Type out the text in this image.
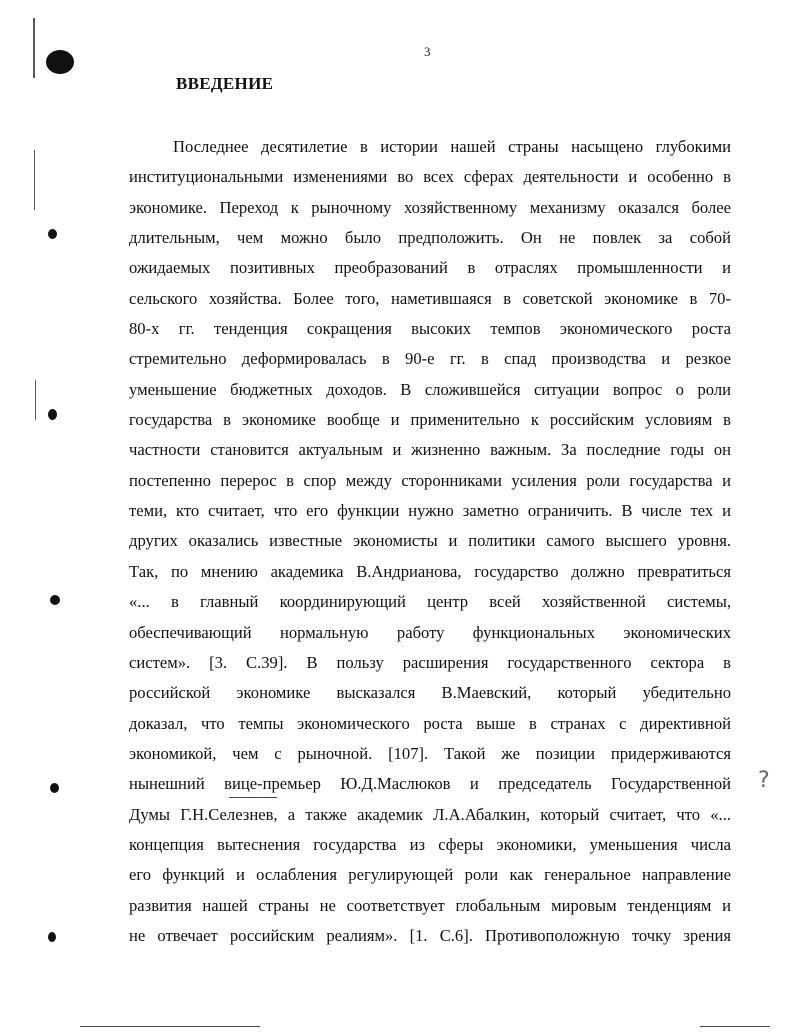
?
3
ВВЕДЕНИЕ
Последнее десятилетие в истории нашей страны насыщено глубокими
институциональными изменениями во всех сферах деятельности и особенно в
экономике. Переход к рыночному хозяйственному механизму оказался более
длительным, чем можно было предположить. Он не повлек за собой
ожидаемых позитивных преобразований в отраслях промышленности и
сельского хозяйства. Более того, наметившаяся в советской экономике в 70-
80-х гг. тенденция сокращения высоких темпов экономического роста
стремительно деформировалась в 90-е гг. в спад производства и резкое
уменьшение бюджетных доходов. В сложившейся ситуации вопрос о роли
государства в экономике вообще и применительно к российским условиям в
частности становится актуальным и жизненно важным. За последние годы он
постепенно перерос в спор между сторонниками усиления роли государства и
теми, кто считает, что его функции нужно заметно ограничить. В числе тех и
других оказались известные экономисты и политики самого высшего уровня.
Так, по мнению академика В.Андрианова, государство должно превратиться
«... в главный координирующий центр всей хозяйственной системы,
обеспечивающий нормальную работу функциональных экономических
систем». [3. С.39]. В пользу расширения государственного сектора в
российской экономике высказался В.Маевский, который убедительно
доказал, что темпы экономического роста выше в странах с директивной
экономикой, чем с рыночной. [107]. Такой же позиции придерживаются
нынешний вице-премьер Ю.Д.Маслюков и председатель Государственной
Думы Г.Н.Селезнев, а также академик Л.А.Абалкин, который считает, что «...
концепция вытеснения государства из сферы экономики, уменьшения числа
его функций и ослабления регулирующей роли как генеральное направление
развития нашей страны не соответствует глобальным мировым тенденциям и
не отвечает российским реалиям». [1. С.6]. Противоположную точку зрения
